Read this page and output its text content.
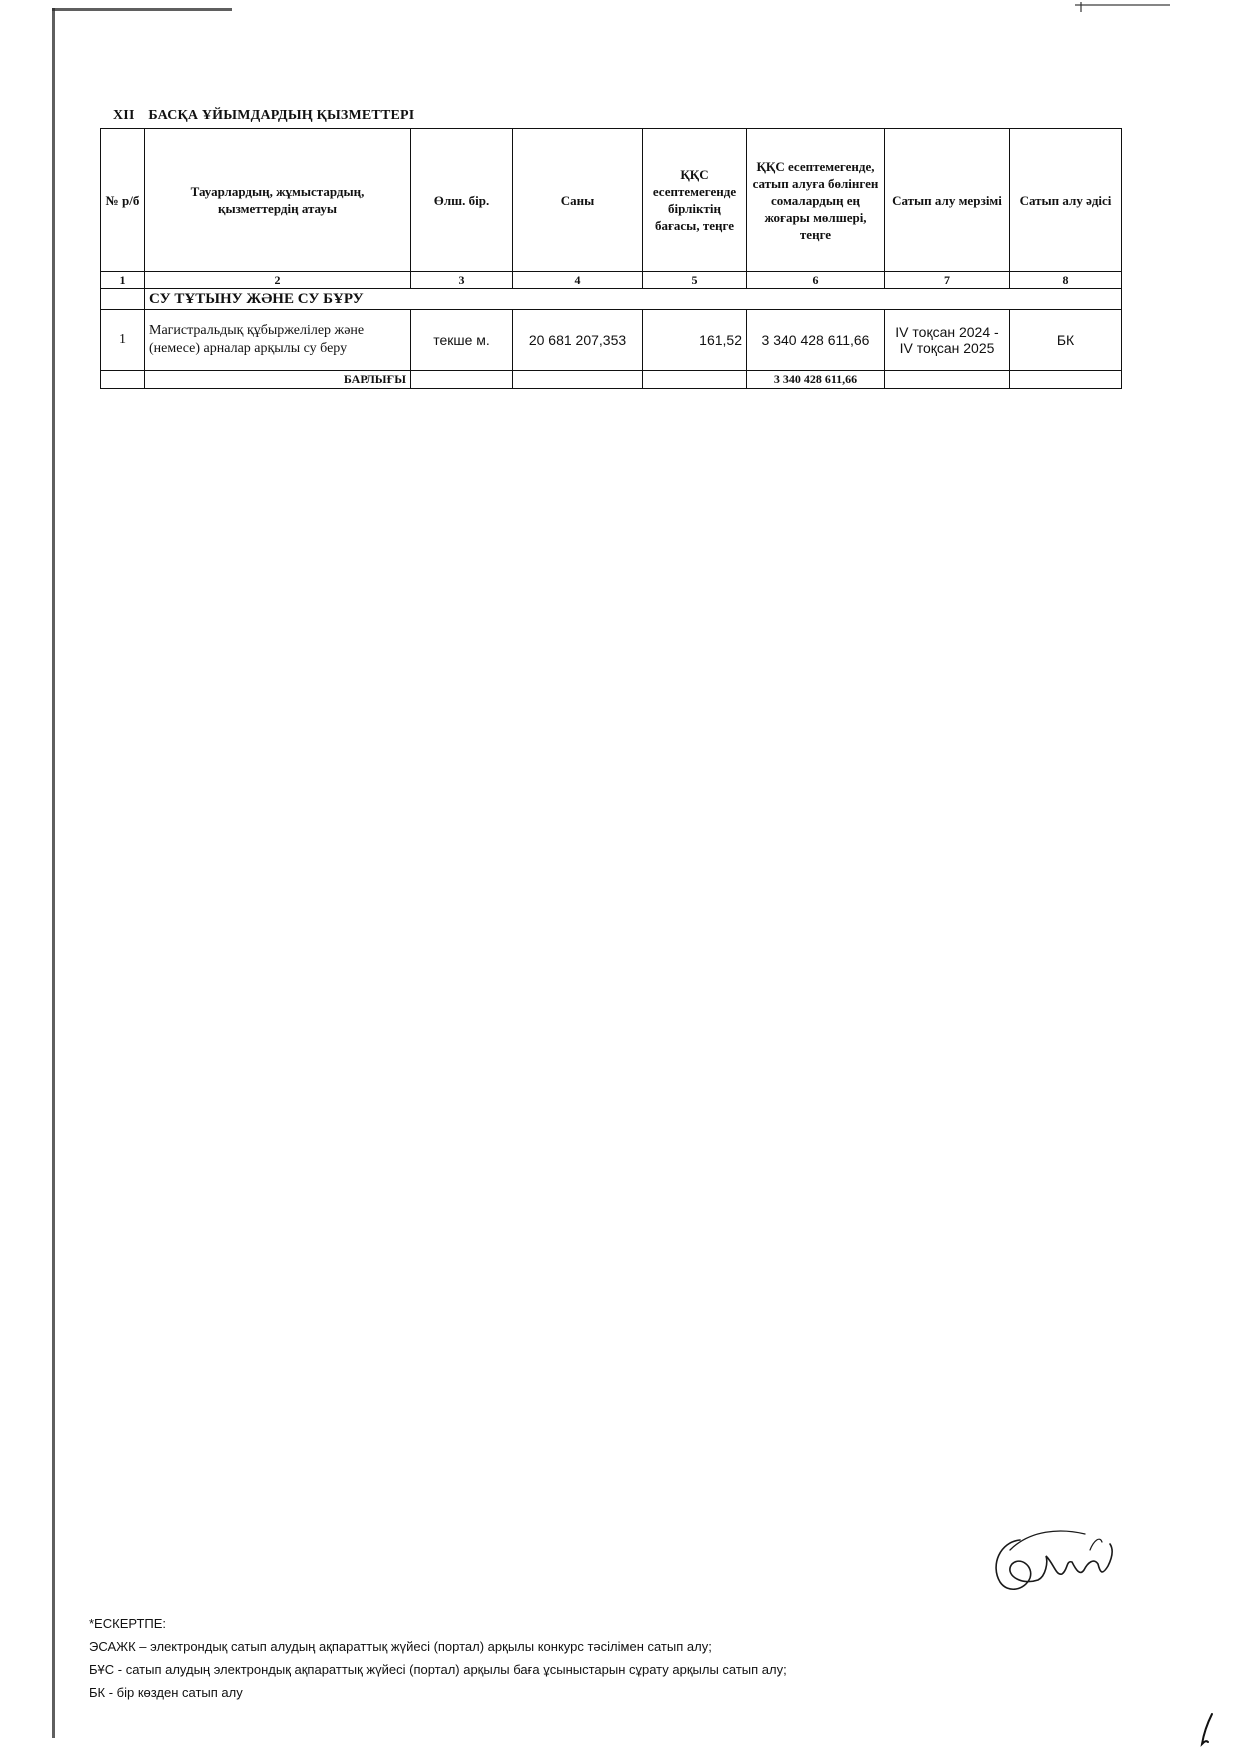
XII БАСҚА ҰЙЫМДАРДЫҢ ҚЫЗМЕТТЕРІ
№ р/б	Тауарлардың, жұмыстардың, қызметтердің атауы	Өлш. бір.	Саны	ҚҚС есептемегенде бірліктің бағасы, теңге	ҚҚС есептемегенде, сатып алуға бөлінген сомалардың ең жоғары мөлшері, теңге	Сатып алу мерзімі	Сатып алу әдісі
1	2	3	4	5	6	7	8
	СУ ТҰТЫНУ ЖӘНЕ СУ БҰРУ						
1	Магистральдық құбыржелілер және (немесе) арналар арқылы су беру	текше м.	20 681 207,353	161,52	3 340 428 611,66	IV тоқсан 2024 - IV тоқсан 2025	БК
	БАРЛЫҒЫ				3 340 428 611,66		
*ЕСКЕРТПЕ:
ЭСАЖК – электрондық сатып алудың ақпараттық жүйесі (портал) арқылы конкурс тәсілімен сатып алу;
БҰС - сатып алудың электрондық ақпараттық жүйесі (портал) арқылы баға ұсыныстарын сұрату арқылы сатып алу;
БК - бір көзден сатып алу
